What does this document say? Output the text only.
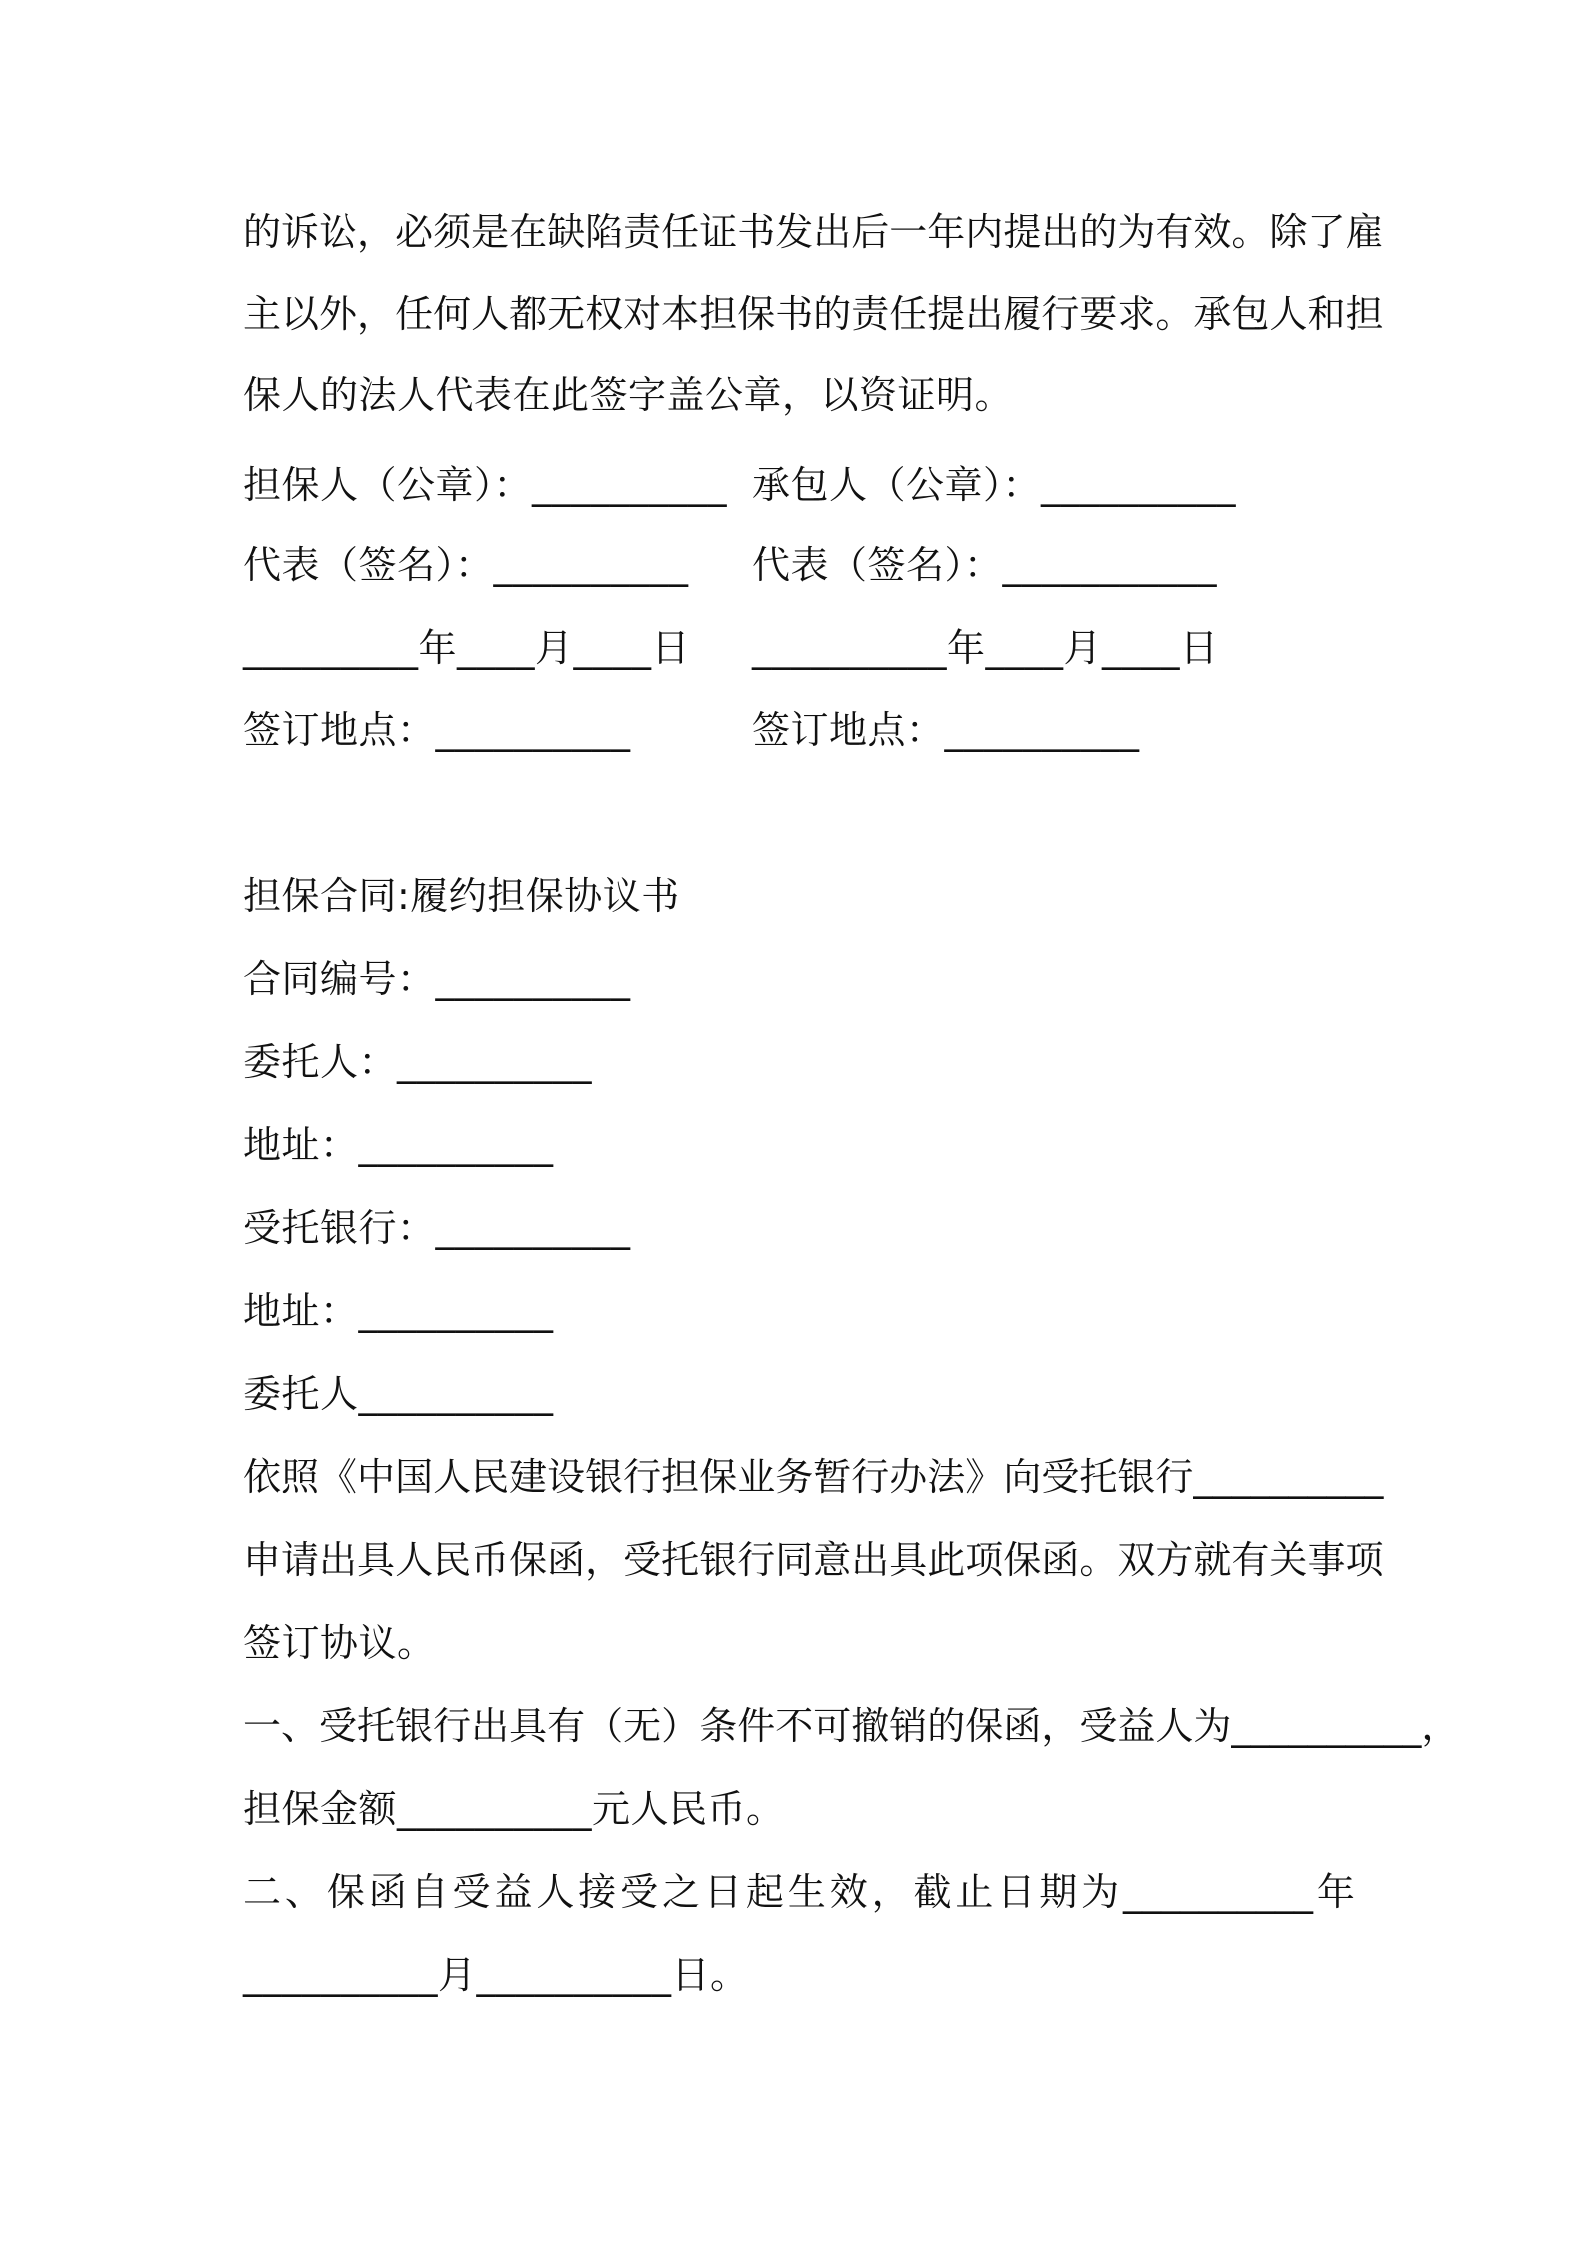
的 诉 讼 ， 必 须 是 在 缺 陷 责 任 证 书 发 出 后 一 年 内 提 出 的 为 有 效 。 除 了 雇
主 以 外 ， 任 何 人 都 无 权 对 本 担 保 书 的 责 任 提 出 履 行 要 求 。 承 包 人 和 担
保人的法人代表在此签字盖公章，以资证明。
担保人（公章）：__________
代表（签名）：__________
_________年____月____日
签订地点：__________
承包人（公章）：__________
代表（签名）：___________
__________年____月____日
签订地点：__________
担保合同:履约担保协议书
合同编号：__________
委托人：__________
地址：__________
受托银行：__________
地址：__________
委托人__________
依 照 《 中 国 人 民 建 设 银 行 担 保 业 务 暂 行 办 法 》 向 受 托 银 行 __________
申 请 出 具 人 民 币 保 函 ， 受 托 银 行 同 意 出 具 此 项 保 函 。 双 方 就 有 关 事 项
签订协议。
一 、 受 托 银 行 出 具 有 （ 无 ） 条 件 不 可 撤 销 的 保 函 ， 受 益 人 为 __________ ，
担保金额__________元人民币。
二 、 保 函 自 受 益 人 接 受 之 日 起 生 效 ， 截 止 日 期 为 __________ 年
__________月__________日。
